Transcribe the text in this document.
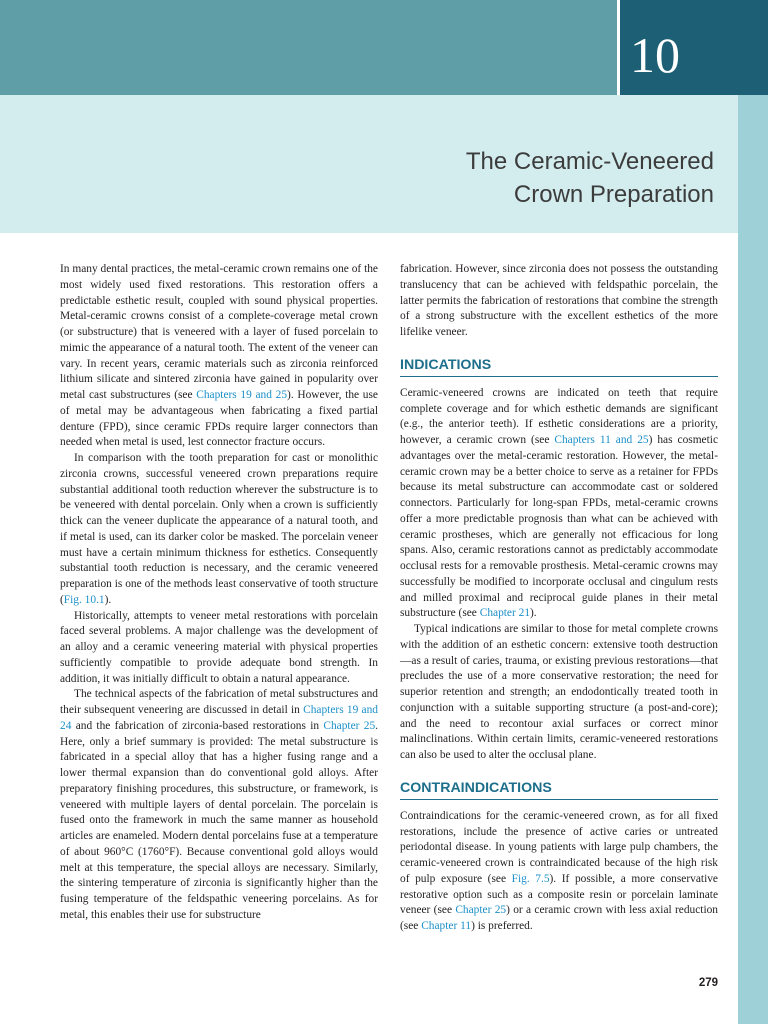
10
The Ceramic-Veneered
Crown Preparation

In many dental practices, the metal-ceramic crown remains one of the most widely used fixed restorations. This restoration offers a predictable esthetic result, coupled with sound physical properties. Metal-ceramic crowns consist of a complete-coverage metal crown (or substructure) that is veneered with a layer of fused porcelain to mimic the appearance of a natural tooth. The extent of the veneer can vary. In recent years, ceramic materials such as zirconia reinforced lithium silicate and sintered zirconia have gained in popularity over metal cast substructures (see Chapters 19 and 25). However, the use of metal may be advantageous when fabricating a fixed partial denture (FPD), since ceramic FPDs require larger connectors than needed when metal is used, lest connector fracture occurs.

In comparison with the tooth preparation for cast or monolithic zirconia crowns, successful veneered crown preparations require substantial additional tooth reduction wherever the substructure is to be veneered with dental porcelain. Only when a crown is sufficiently thick can the veneer duplicate the appearance of a natural tooth, and if metal is used, can its darker color be masked. The porcelain veneer must have a certain minimum thickness for esthetics. Consequently substantial tooth reduction is necessary, and the ceramic veneered preparation is one of the methods least conservative of tooth structure (Fig. 10.1).

Historically, attempts to veneer metal restorations with porcelain faced several problems. A major challenge was the development of an alloy and a ceramic veneering material with physical properties sufficiently compatible to provide adequate bond strength. In addition, it was initially difficult to obtain a natural appearance.

The technical aspects of the fabrication of metal substructures and their subsequent veneering are discussed in detail in Chapters 19 and 24 and the fabrication of zirconia-based restorations in Chapter 25. Here, only a brief summary is provided: The metal substructure is fabricated in a special alloy that has a higher fusing range and a lower thermal expansion than do conventional gold alloys. After preparatory finishing procedures, this substructure, or framework, is veneered with multiple layers of dental porcelain. The porcelain is fused onto the framework in much the same manner as household articles are enameled. Modern dental porcelains fuse at a temperature of about 960°C (1760°F). Because conventional gold alloys would melt at this temperature, the special alloys are necessary. Similarly, the sintering temperature of zirconia is significantly higher than the fusing temperature of the feldspathic veneering porcelains. As for metal, this enables their use for substructure

fabrication. However, since zirconia does not possess the outstanding translucency that can be achieved with feldspathic porcelain, the latter permits the fabrication of restorations that combine the strength of a strong substructure with the excellent esthetics of the more lifelike veneer.

INDICATIONS

Ceramic-veneered crowns are indicated on teeth that require complete coverage and for which esthetic demands are significant (e.g., the anterior teeth). If esthetic considerations are a priority, however, a ceramic crown (see Chapters 11 and 25) has cosmetic advantages over the metal-ceramic restoration. However, the metal-ceramic crown may be a better choice to serve as a retainer for FPDs because its metal substructure can accommodate cast or soldered connectors. Particularly for long-span FPDs, metal-ceramic crowns offer a more predictable prognosis than what can be achieved with ceramic prostheses, which are generally not efficacious for long spans. Also, ceramic restorations cannot as predictably accommodate occlusal rests for a removable prosthesis. Metal-ceramic crowns may successfully be modified to incorporate occlusal and cingulum rests and milled proximal and reciprocal guide planes in their metal substructure (see Chapter 21).

Typical indications are similar to those for metal complete crowns with the addition of an esthetic concern: extensive tooth destruction—as a result of caries, trauma, or existing previous restorations—that precludes the use of a more conservative restoration; the need for superior retention and strength; an endodontically treated tooth in conjunction with a suitable supporting structure (a post-and-core); and the need to recontour axial surfaces or correct minor malinclinations. Within certain limits, ceramic-veneered restorations can also be used to alter the occlusal plane.

CONTRAINDICATIONS

Contraindications for the ceramic-veneered crown, as for all fixed restorations, include the presence of active caries or untreated periodontal disease. In young patients with large pulp chambers, the ceramic-veneered crown is contraindicated because of the high risk of pulp exposure (see Fig. 7.5). If possible, a more conservative restorative option such as a composite resin or porcelain laminate veneer (see Chapter 25) or a ceramic crown with less axial reduction (see Chapter 11) is preferred.

279
